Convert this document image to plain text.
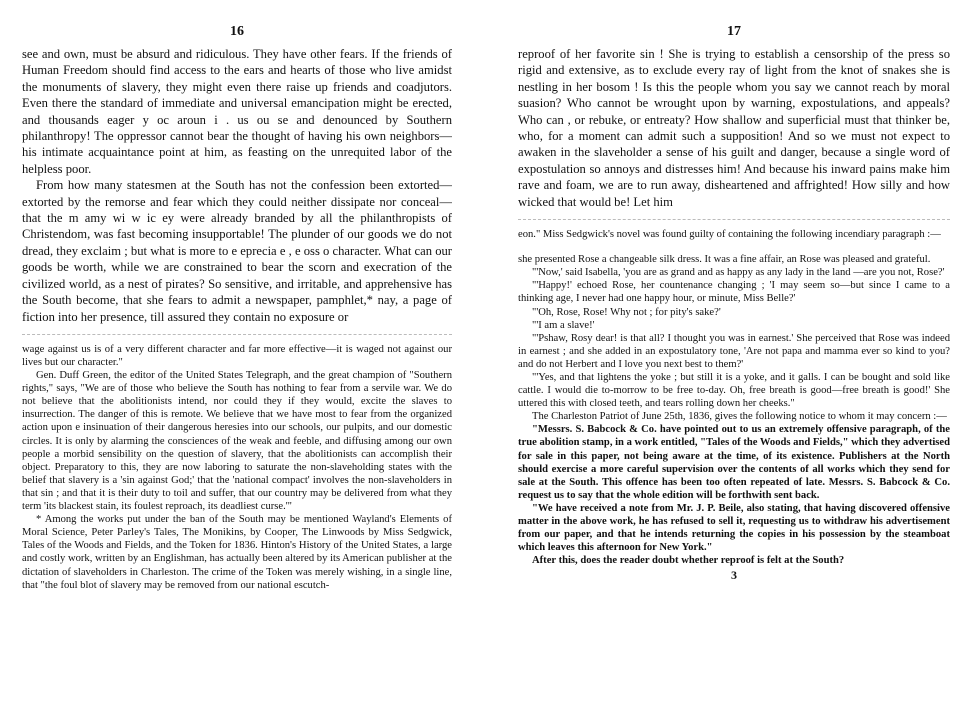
16

see and own, must be absurd and ridiculous. They have other fears. If the friends of Human Freedom should find access to the ears and hearts of those who live amidst the monuments of slavery, they might even there raise up friends and coadjutors. Even there the standard of immediate and universal emancipation might be erected, and thousands eager y oc aroun i . us ou se and denounced by Southern philanthropy! The oppressor cannot bear the thought of having his own neighbors—his intimate acquaintance point at him, as feasting on the unrequited labor of the helpless poor.

From how many statesmen at the South has not the confession been extorted—extorted by the remorse and fear which they could neither dissipate nor conceal—that the m amy wi w ic ey were already branded by all the philanthropists of Christendom, was fast becoming insupportable! The plunder of our goods we do not dread, they exclaim ; but what is more to e eprecia e , e oss o character. What can our goods be worth, while we are constrained to bear the scorn and execration of the civilized world, as a nest of pirates? So sensitive, and irritable, and apprehensive has the South become, that she fears to admit a newspaper, pamphlet,* nay, a page of fiction into her presence, till assured they contain no exposure or

wage against us is of a very different character and far more effective—it is waged not against our lives but our character."

Gen. Duff Green, the editor of the United States Telegraph, and the great champion of "Southern rights," says, "We are of those who believe the South has nothing to fear from a servile war. We do not believe that the abolitionists intend, nor could they if they would, excite the slaves to insurrection. The danger of this is remote. We believe that we have most to fear from the organized action upon e insinuation of their dangerous heresies into our schools, our pulpits, and our domestic circles. It is only by alarming the consciences of the weak and feeble, and diffusing among our own people a morbid sensibility on the question of slavery, that the abolitionists can accomplish their object. Preparatory to this, they are now laboring to saturate the non-slaveholding states with the belief that slavery is a 'sin against God;' that the 'national compact' involves the non-slaveholders in that sin ; and that it is their duty to toil and suffer, that our country may be delivered from what they term 'its blackest stain, its foulest reproach, its deadliest curse.'"

* Among the works put under the ban of the South may be mentioned Wayland's Elements of Moral Science, Peter Parley's Tales, The Monikins, by Cooper, The Linwoods by Miss Sedgwick, Tales of the Woods and Fields, and the Token for 1836. Hinton's History of the United States, a large and costly work, written by an Englishman, has actually been altered by its American publisher at the dictation of slaveholders in Charleston. The crime of the Token was merely wishing, in a single line, that "the foul blot of slavery may be removed from our national escutch-

17

reproof of her favorite sin ! She is trying to establish a censorship of the press so rigid and extensive, as to exclude every ray of light from the knot of snakes she is nestling in her bosom ! Is this the people whom you say we cannot reach by moral suasion? Who cannot be wrought upon by warning, expostulations, and appeals? Who can , or rebuke, or entreaty? How shallow and superficial must that thinker be, who, for a moment can admit such a supposition! And so we must not expect to awaken in the slaveholder a sense of his guilt and danger, because a single word of expostulation so annoys and distresses him! And because his inward pains make him rave and foam, we are to run away, disheartened and affrighted! How silly and how wicked that would be! Let him

eon." Miss Sedgwick's novel was found guilty of containing the following incendiary paragraph :—

she presented Rose a changeable silk dress. It was a fine affair, an Rose was pleased and grateful.

"'Now,' said Isabella, 'you are as grand and as happy as any lady in the land —are you not, Rose?'

"'Happy!' echoed Rose, her countenance changing ; 'I may seem so—but since I came to a thinking age, I never had one happy hour, or minute, Miss Belle?'

"'Oh, Rose, Rose! Why not ; for pity's sake?'

"'I am a slave!'

"'Pshaw, Rosy dear! is that all? I thought you was in earnest.' She perceived that Rose was indeed in earnest ; and she added in an expostulatory tone, 'Are not papa and mamma ever so kind to you? and do not Herbert and I love you next best to them?'

"'Yes, and that lightens the yoke ; but still it is a yoke, and it galls. I can be bought and sold like cattle. I would die to-morrow to be free to-day. Oh, free breath is good—free breath is good!' She uttered this with closed teeth, and tears rolling down her cheeks."

The Charleston Patriot of June 25th, 1836, gives the following notice to whom it may concern :—

"Messrs. S. Babcock & Co. have pointed out to us an extremely offensive paragraph, of the true abolition stamp, in a work entitled, "Tales of the Woods and Fields," which they advertised for sale in this paper, not being aware at the time, of its existence. Publishers at the North should exercise a more careful supervision over the contents of all works which they send for sale at the South. This offence has been too often repeated of late. Messrs. S. Babcock & Co. request us to say that the whole edition will be forthwith sent back.

"We have received a note from Mr. J. P. Beile, also stating, that having discovered offensive matter in the above work, he has refused to sell it, requesting us to withdraw his advertisement from our paper, and that he intends returning the copies in his possession by the steamboat which leaves this afternoon for New York."

After this, does the reader doubt whether reproof is felt at the South?

3
